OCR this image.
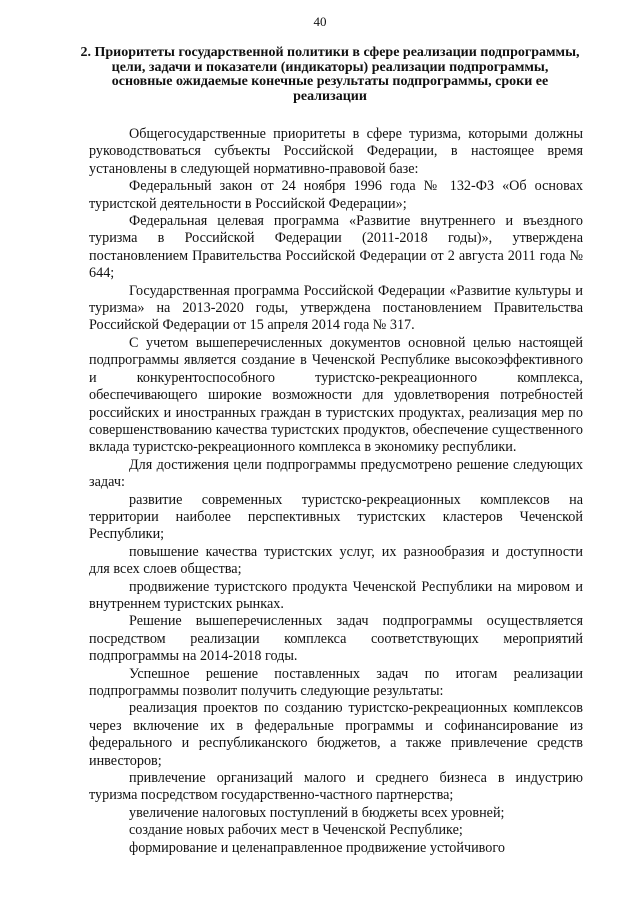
40
2. Приоритеты государственной политики в сфере реализации подпрограммы, цели, задачи и показатели (индикаторы) реализации подпрограммы, основные ожидаемые конечные результаты подпрограммы, сроки ее реализации

Общегосударственные приоритеты в сфере туризма, которыми должны руководствоваться субъекты Российской Федерации, в настоящее время установлены в следующей нормативно-правовой базе:

Федеральный закон от 24 ноября 1996 года № 132-ФЗ «Об основах туристской деятельности в Российской Федерации»;

Федеральная целевая программа «Развитие внутреннего и въездного туризма в Российской Федерации (2011-2018 годы)», утверждена постановлением Правительства Российской Федерации от 2 августа 2011 года № 644;

Государственная программа Российской Федерации «Развитие культуры и туризма» на 2013-2020 годы, утверждена постановлением Правительства Российской Федерации от 15 апреля 2014 года № 317.

С учетом вышеперечисленных документов основной целью настоящей подпрограммы является создание в Чеченской Республике высокоэффективного и конкурентоспособного туристско-рекреационного комплекса, обеспечивающего широкие возможности для удовлетворения потребностей российских и иностранных граждан в туристских продуктах, реализация мер по совершенствованию качества туристских продуктов, обеспечение существенного вклада туристско-рекреационного комплекса в экономику республики.

Для достижения цели подпрограммы предусмотрено решение следующих задач:

развитие современных туристско-рекреационных комплексов на территории наиболее перспективных туристских кластеров Чеченской Республики;

повышение качества туристских услуг, их разнообразия и доступности для всех слоев общества;

продвижение туристского продукта Чеченской Республики на мировом и внутреннем туристских рынках.

Решение вышеперечисленных задач подпрограммы осуществляется посредством реализации комплекса соответствующих мероприятий подпрограммы на 2014-2018 годы.

Успешное решение поставленных задач по итогам реализации подпрограммы позволит получить следующие результаты:

реализация проектов по созданию туристско-рекреационных комплексов через включение их в федеральные программы и софинансирование из федерального и республиканского бюджетов, а также привлечение средств инвесторов;

привлечение организаций малого и среднего бизнеса в индустрию туризма посредством государственно-частного партнерства;

увеличение налоговых поступлений в бюджеты всех уровней;

создание новых рабочих мест в Чеченской Республике;

формирование и целенаправленное продвижение устойчивого
